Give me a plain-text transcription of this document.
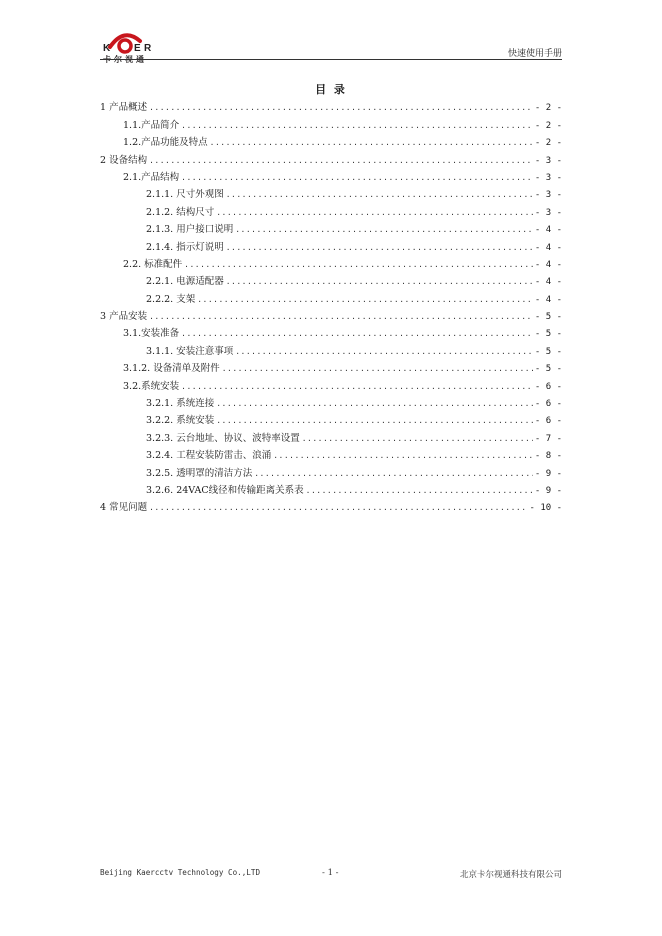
K E R
卡尔视通
快速使用手册
目 录
1 产品概述 .....	- 2 -
1.1.产品简介 .....	- 2 -
1.2.产品功能及特点 .....	- 2 -
2 设备结构 .....	- 3 -
2.1.产品结构 .....	- 3 -
2.1.1. 尺寸外观图 .....	- 3 -
2.1.2. 结构尺寸 .....	- 3 -
2.1.3. 用户接口说明 .....	- 4 -
2.1.4. 指示灯说明 .....	- 4 -
2.2. 标准配件 .....	- 4 -
2.2.1. 电源适配器 .....	- 4 -
2.2.2. 支架 .....	- 4 -
3 产品安装 .....	- 5 -
3.1.安装准备 .....	- 5 -
3.1.1. 安装注意事项 .....	- 5 -
3.1.2. 设备清单及附件 .....	- 5 -
3.2.系统安装 .....	- 6 -
3.2.1. 系统连接 .....	- 6 -
3.2.2. 系统安装 .....	- 6 -
3.2.3. 云台地址、协议、波特率设置 .....	- 7 -
3.2.4. 工程安装防雷击、浪涌 .....	- 8 -
3.2.5. 透明罩的清洁方法 .....	- 9 -
3.2.6. 24VAC线径和传输距离关系表 .....	- 9 -
4 常见问题 .....	- 10 -
Beijing Kaercctv Technology Co.,LTD	- 1 -	北京卡尔视通科技有限公司
